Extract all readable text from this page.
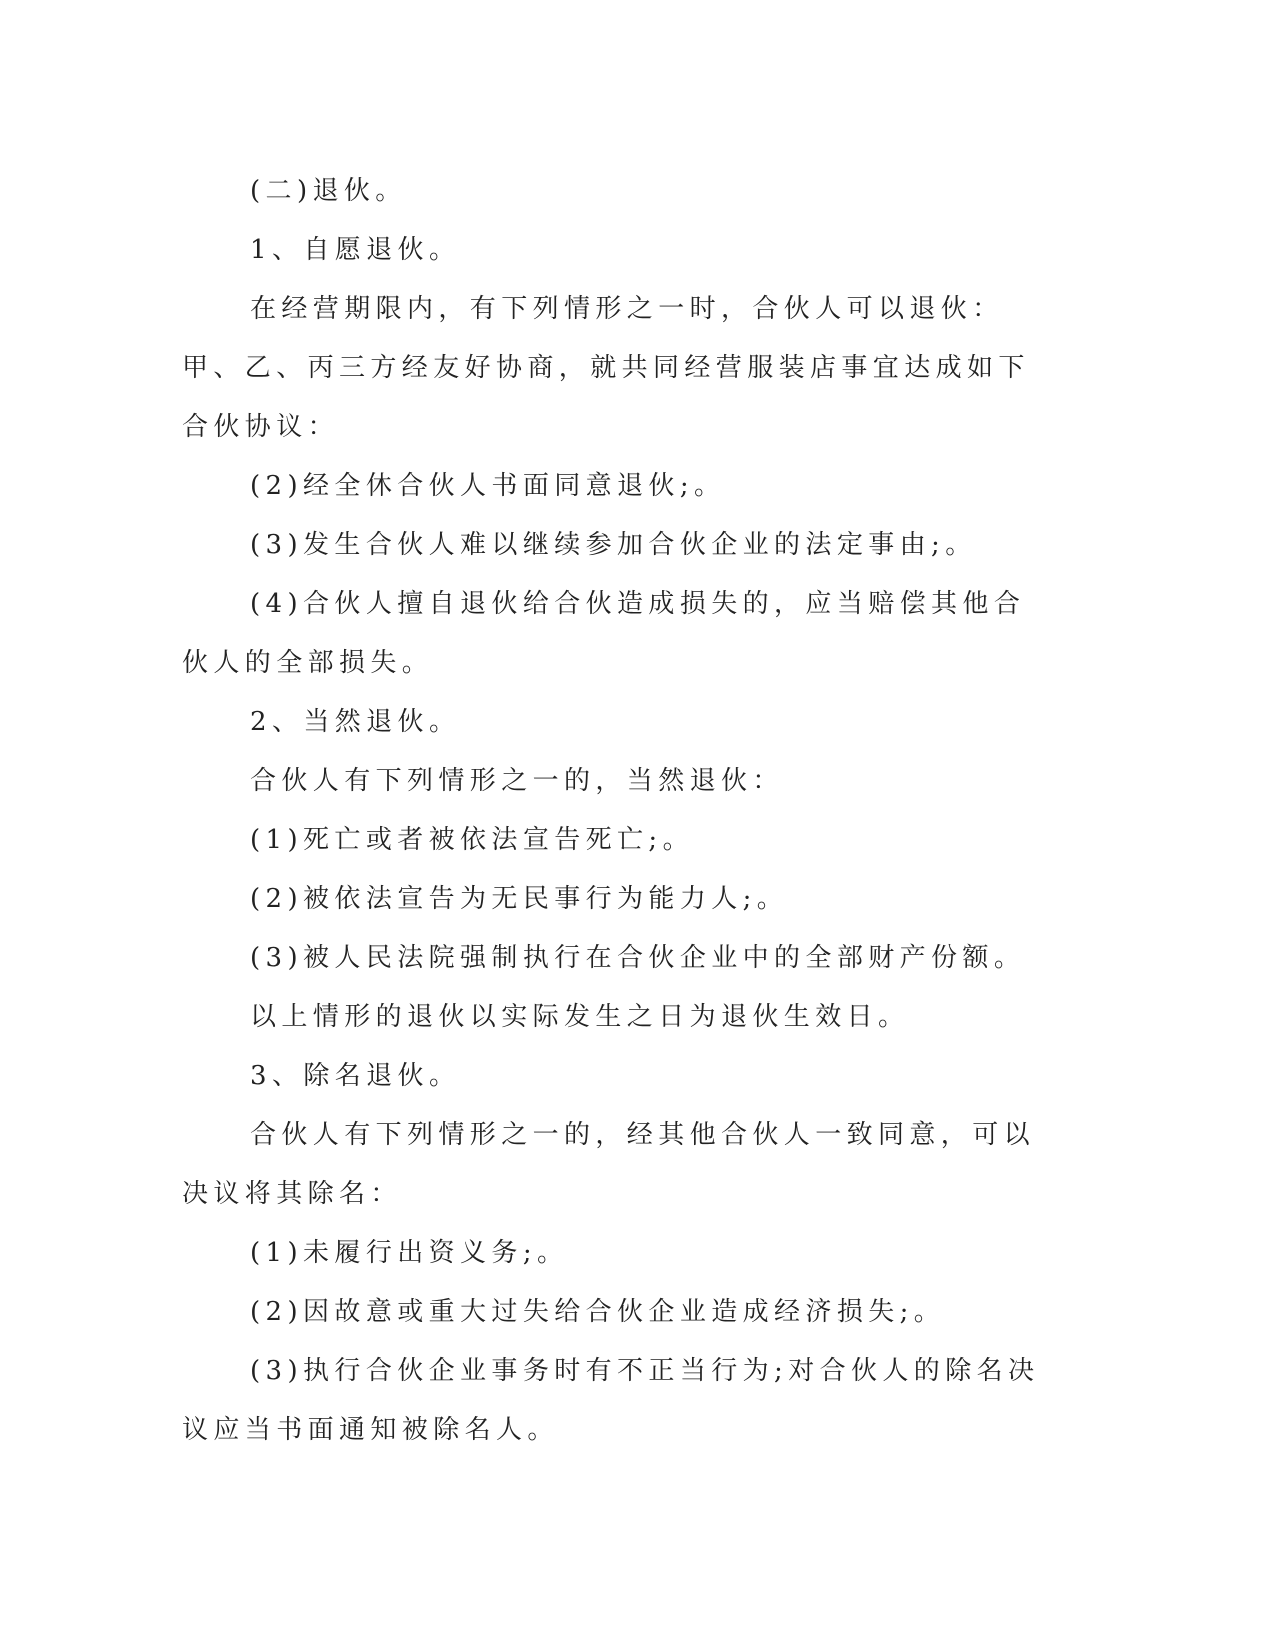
(二)退伙。

1、自愿退伙。

在经营期限内，有下列情形之一时，合伙人可以退伙：甲、乙、丙三方经友好协商，就共同经营服装店事宜达成如下合伙协议：

(2)经全休合伙人书面同意退伙;。

(3)发生合伙人难以继续参加合伙企业的法定事由;。

(4)合伙人擅自退伙给合伙造成损失的，应当赔偿其他合伙人的全部损失。

2、当然退伙。

合伙人有下列情形之一的，当然退伙：

(1)死亡或者被依法宣告死亡;。

(2)被依法宣告为无民事行为能力人;。

(3)被人民法院强制执行在合伙企业中的全部财产份额。

以上情形的退伙以实际发生之日为退伙生效日。

3、除名退伙。

合伙人有下列情形之一的，经其他合伙人一致同意，可以决议将其除名：

(1)未履行出资义务;。

(2)因故意或重大过失给合伙企业造成经济损失;。

(3)执行合伙企业事务时有不正当行为;对合伙人的除名决议应当书面通知被除名人。
